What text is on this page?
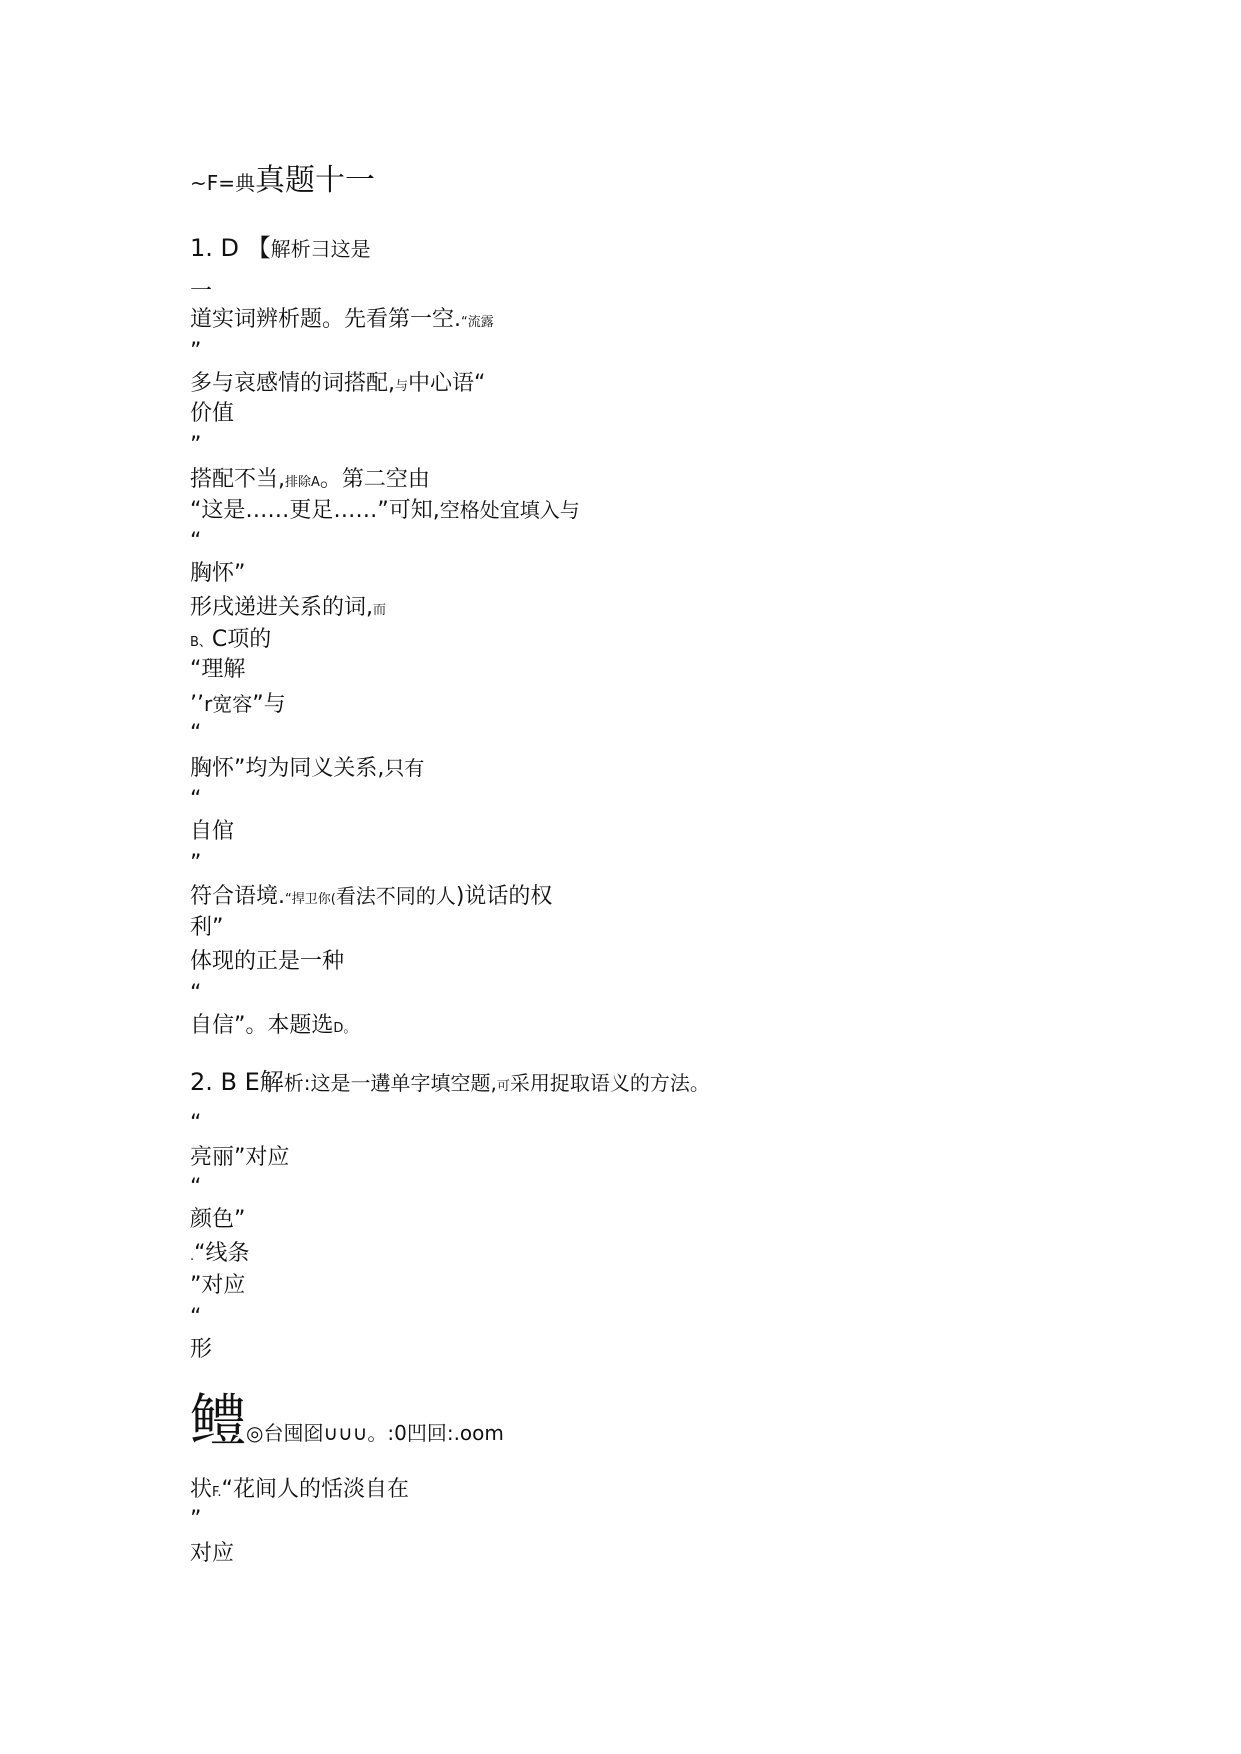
~F=典真题十一
1. D 【解析彐这是
一
道实词辨析题。先看第一空.“流露
”
多与哀感情的词搭配,与中心语“
价值
”
搭配不当,排除A。第二空由
“这是……更足……”可知,空格处宜填入与
“
胸怀”
形戌递进关系的词,而
B、C项的
“理解
’’r宽容”与
“
胸怀”均为同义关系,只有
“
自倌
”
符合语境.“捍卫你(看法不同的人)说话的权
利”
体现的正是一种
“
自信”。本题选D。
2. B E解析:这是一遘单字填空题,可采用捉取语义的方法。
“
亮丽”对应
“
颜色”
.“线条
”对应
“
形
鳢◎台囤囵∪∪∪。:0凹回:.oom
状F.“花间人的恬淡自在
”
对应
